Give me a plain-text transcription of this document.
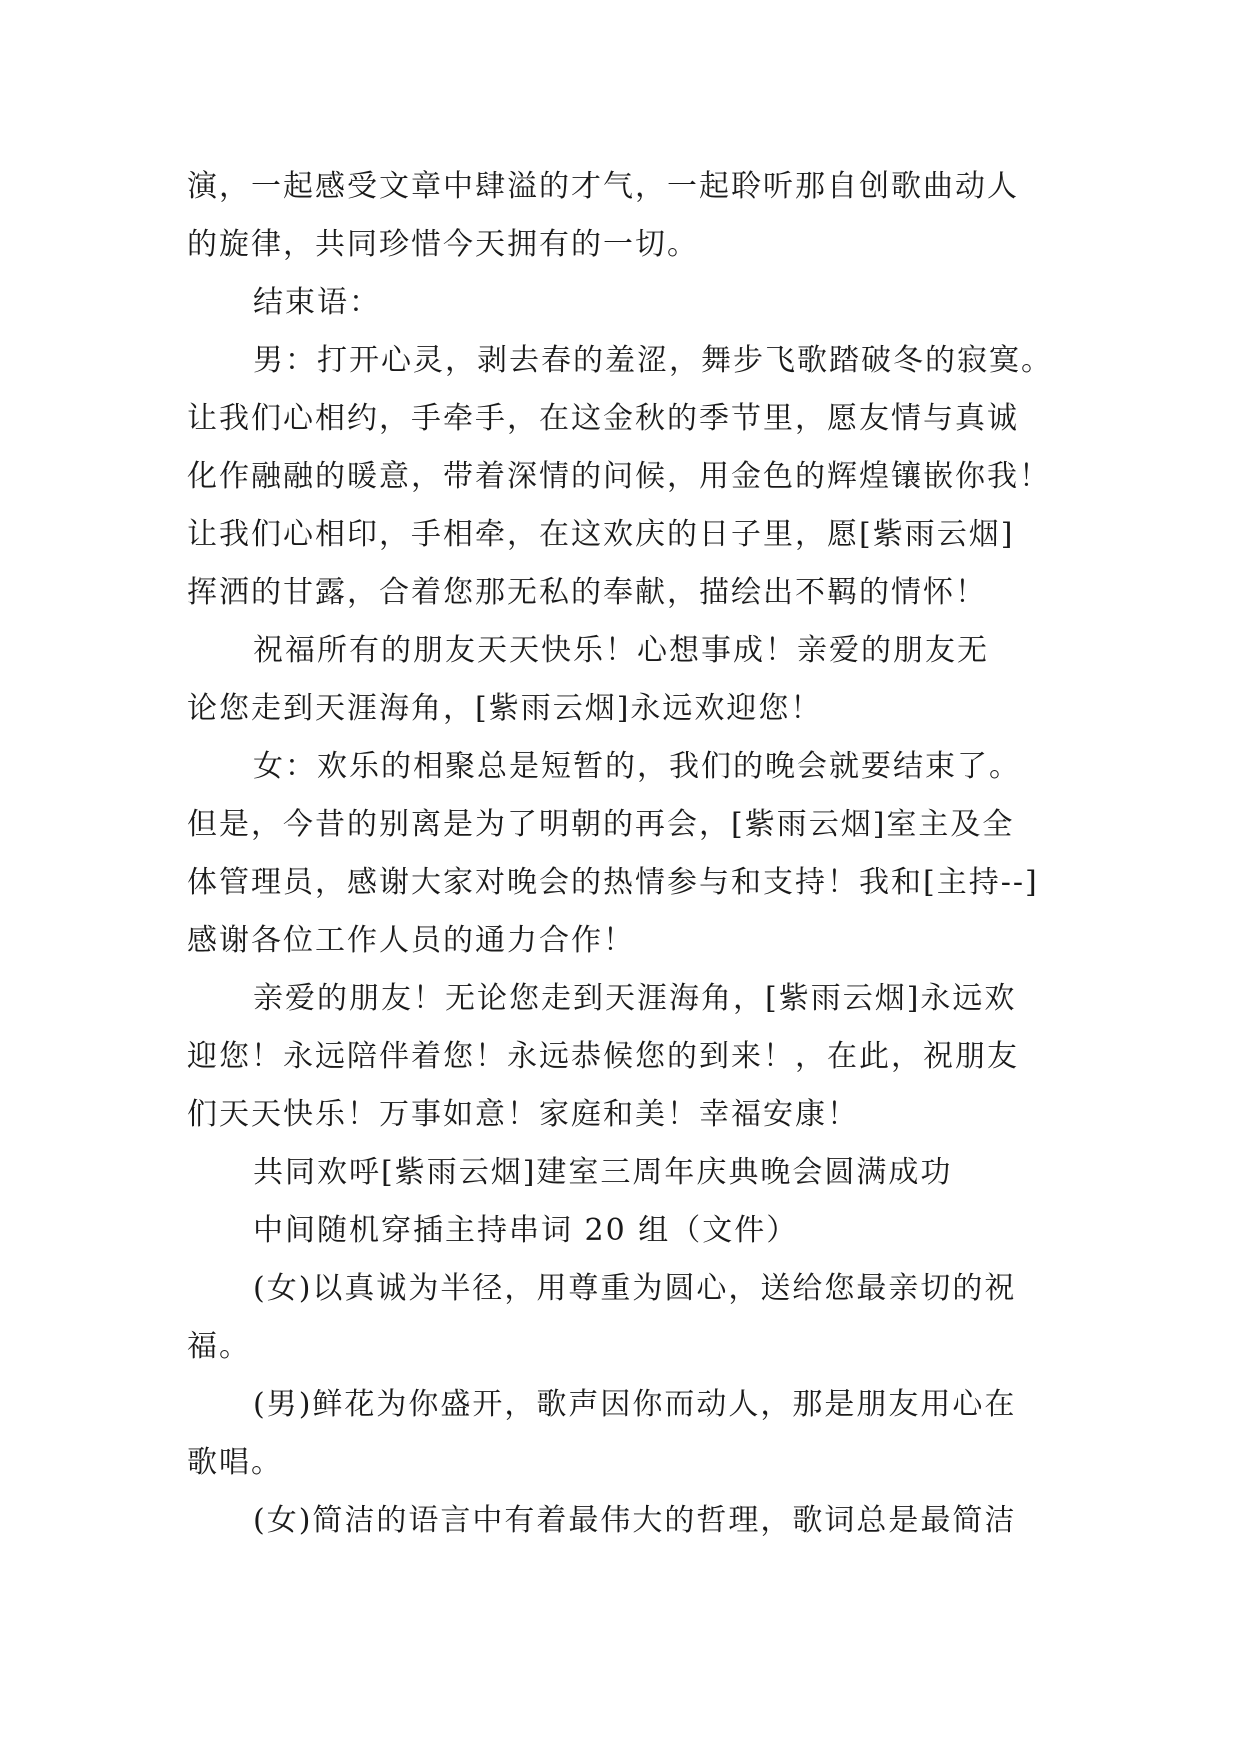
演，一起感受文章中肆溢的才气，一起聆听那自创歌曲动人
的旋律，共同珍惜今天拥有的一切。
结束语：
男：打开心灵，剥去春的羞涩，舞步飞歌踏破冬的寂寞。
让我们心相约，手牵手，在这金秋的季节里，愿友情与真诚
化作融融的暖意，带着深情的问候，用金色的辉煌镶嵌你我！
让我们心相印，手相牵，在这欢庆的日子里，愿[紫雨云烟]
挥洒的甘露，合着您那无私的奉献，描绘出不羁的情怀！
祝福所有的朋友天天快乐！心想事成！亲爱的朋友无
论您走到天涯海角，[紫雨云烟]永远欢迎您！
女：欢乐的相聚总是短暂的，我们的晚会就要结束了。
但是，今昔的别离是为了明朝的再会，[紫雨云烟]室主及全
体管理员，感谢大家对晚会的热情参与和支持！我和[主持--]
感谢各位工作人员的通力合作！
亲爱的朋友！无论您走到天涯海角，[紫雨云烟]永远欢
迎您！永远陪伴着您！永远恭候您的到来！，在此，祝朋友
们天天快乐！万事如意！家庭和美！幸福安康！
共同欢呼[紫雨云烟]建室三周年庆典晚会圆满成功
中间随机穿插主持串词 20 组（文件）
(女)以真诚为半径，用尊重为圆心，送给您最亲切的祝
福。
(男)鲜花为你盛开，歌声因你而动人，那是朋友用心在
歌唱。
(女)简洁的语言中有着最伟大的哲理，歌词总是最简洁
